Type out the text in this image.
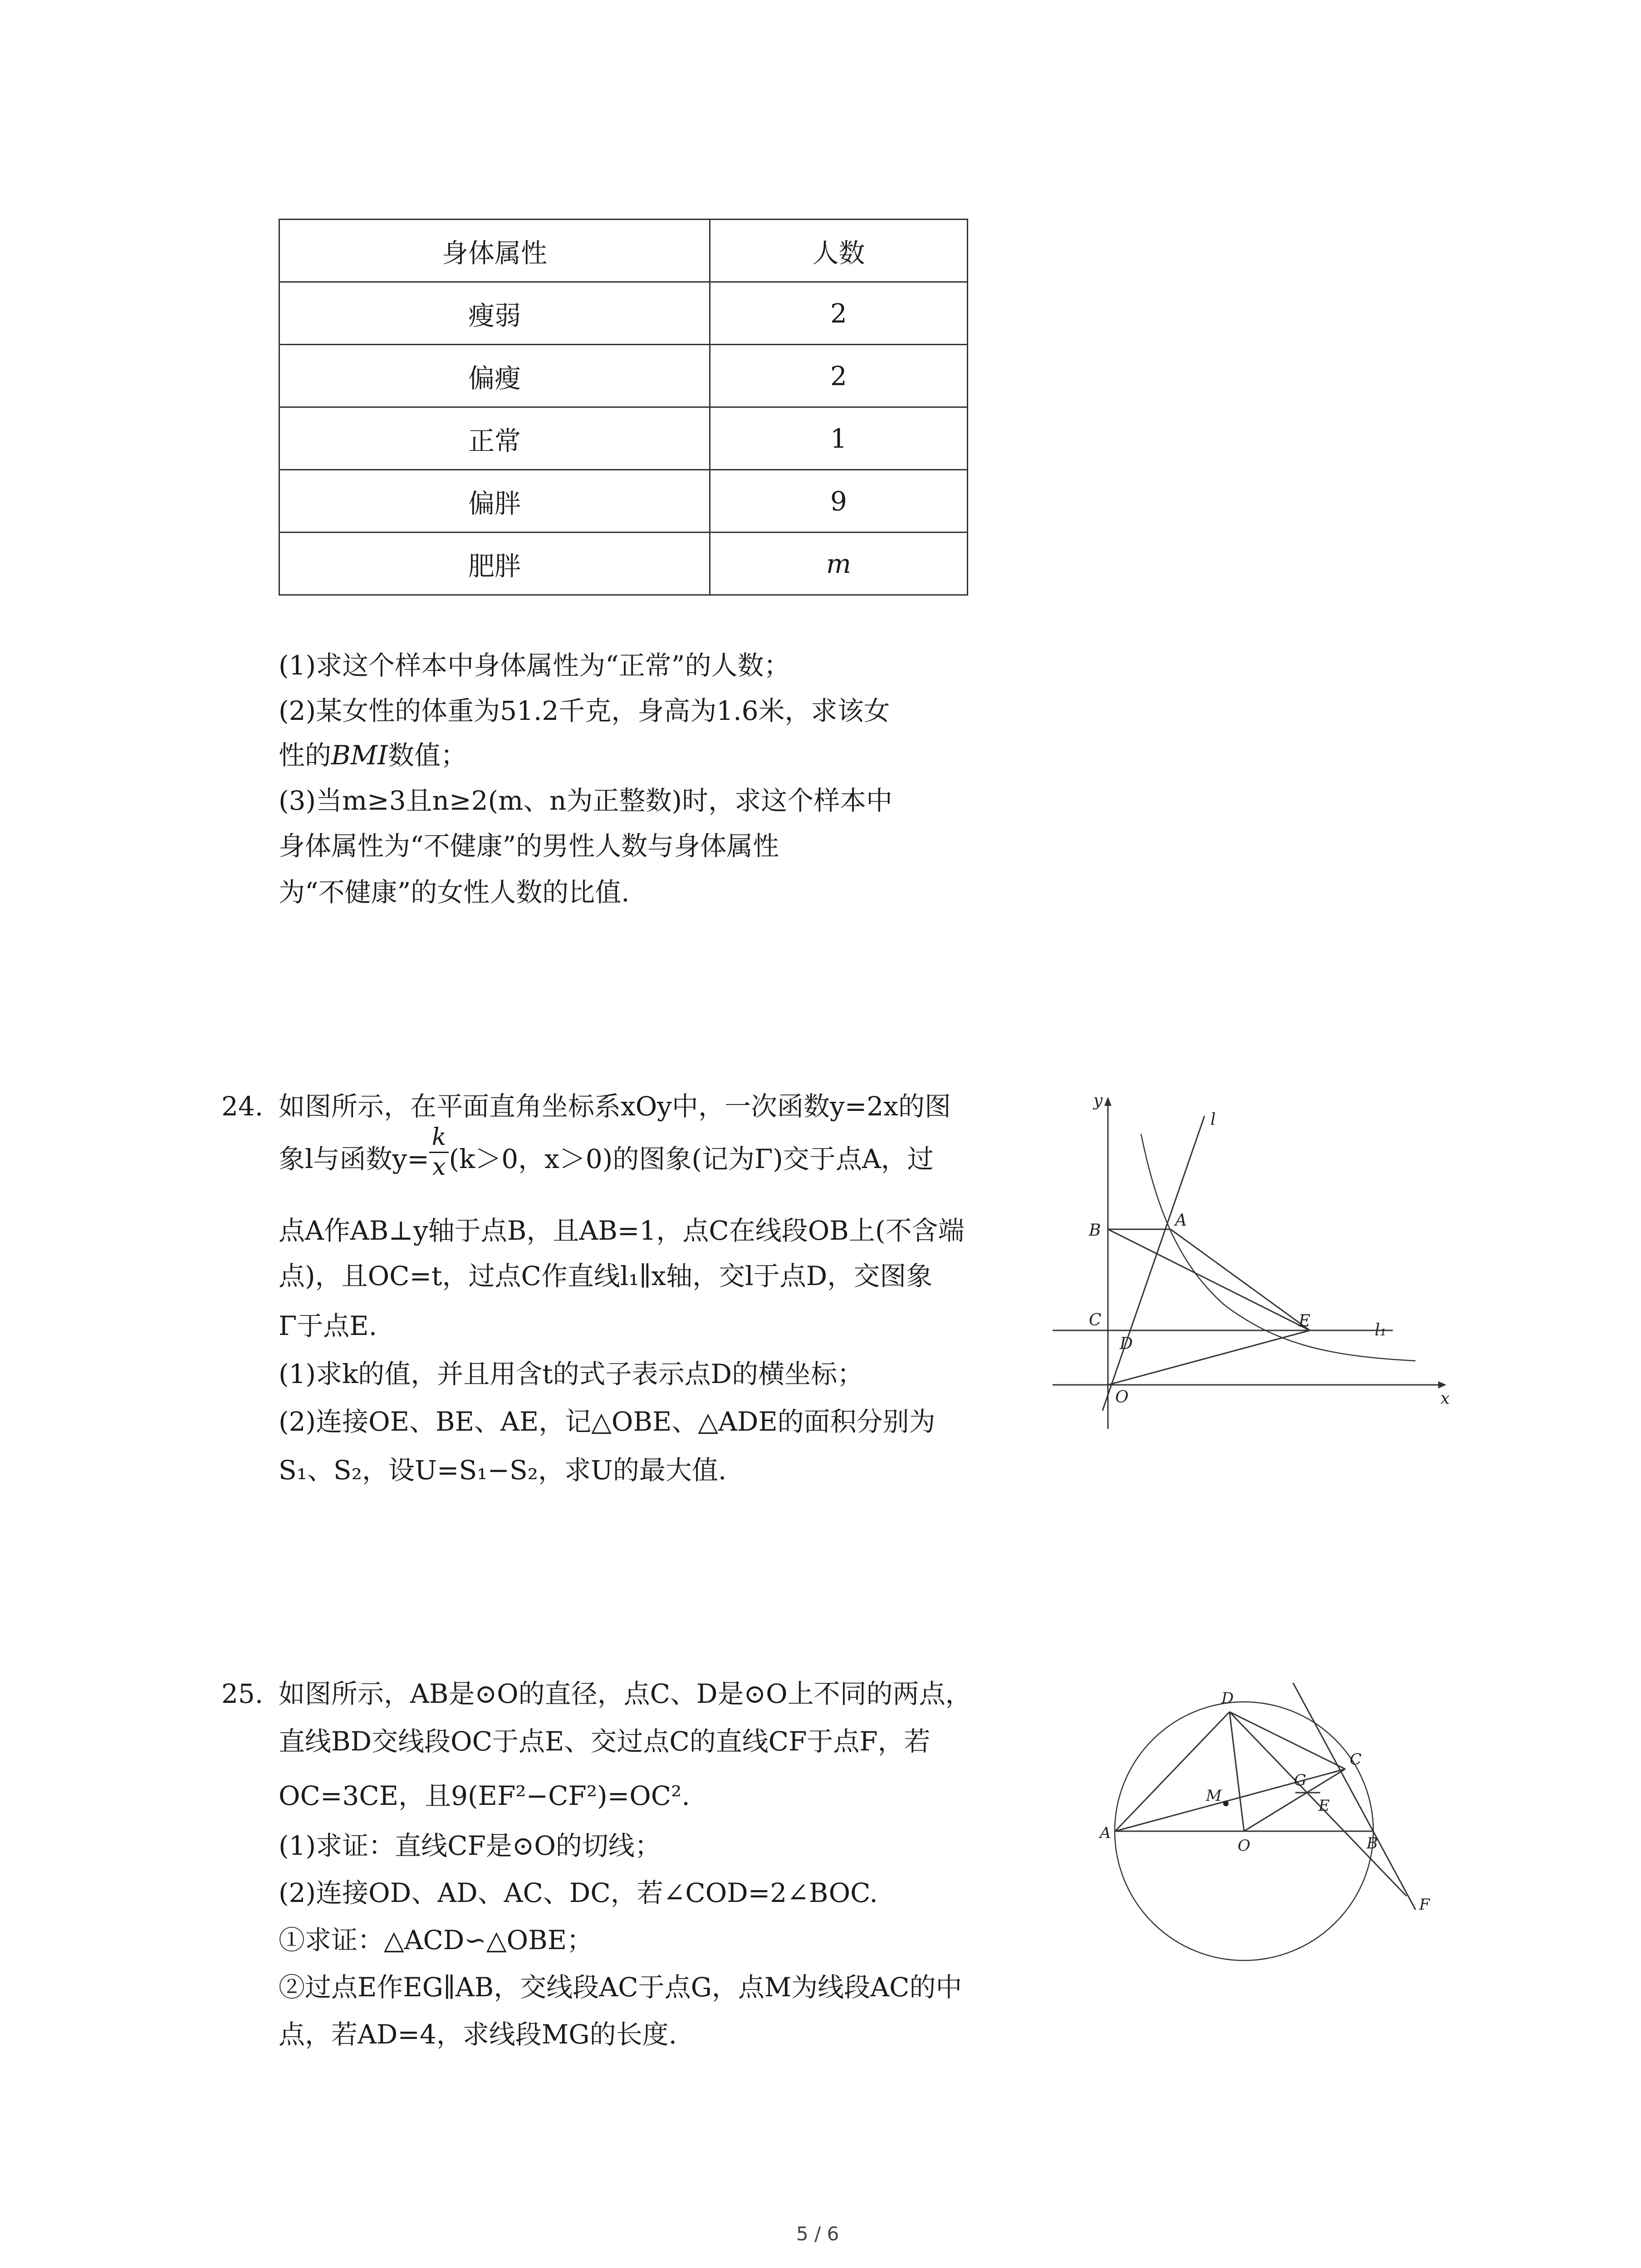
身体属性	人数
瘦弱	2
偏瘦	2
正常	1
偏胖	9
肥胖	m
(1)求这个样本中身体属性为“正常”的人数；
(2)某女性的体重为51.2千克，身高为1.6米，求该女
性的BMI数值；
(3)当m≥3且n≥2(m、n为正整数)时，求这个样本中
身体属性为“不健康”的男性人数与身体属性
为“不健康”的女性人数的比值.
24. 如图所示，在平面直角坐标系xOy中，一次函数y=2x的图
象l与函数$y= \frac{k}{x} (k>0$，x＞0)的图象(记为Γ)交于点A，过
点A作AB⊥y轴于点B，且AB=1，点C在线段OB上(不含端
点)，且OC=t，过点C作直线l₁∥x轴，交l于点D，交图象
Γ于点E.
(1)求k的值，并且用含t的式子表示点D的横坐标；
(2)连接OE、BE、AE，记△OBE、△ADE的面积分别为
S₁、S₂，设U=S₁−S₂，求U的最大值.
y
x
O
A
B
C
D
E
l
l₁
25. 如图所示，AB是⊙O的直径，点C、D是⊙O上不同的两点，
直线BD交线段OC于点E、交过点C的直线CF于点F，若
OC=3CE，且9(EF²−CF²)=OC².
(1)求证：直线CF是⊙O的切线；
(2)连接OD、AD、AC、DC，若∠COD=2∠BOC.
①求证：△ACD∽△OBE；
②过点E作EG∥AB，交线段AC于点G，点M为线段AC的中
点，若AD=4，求线段MG的长度.
A
B
C
D
E
F
G
M
O
5 / 6
